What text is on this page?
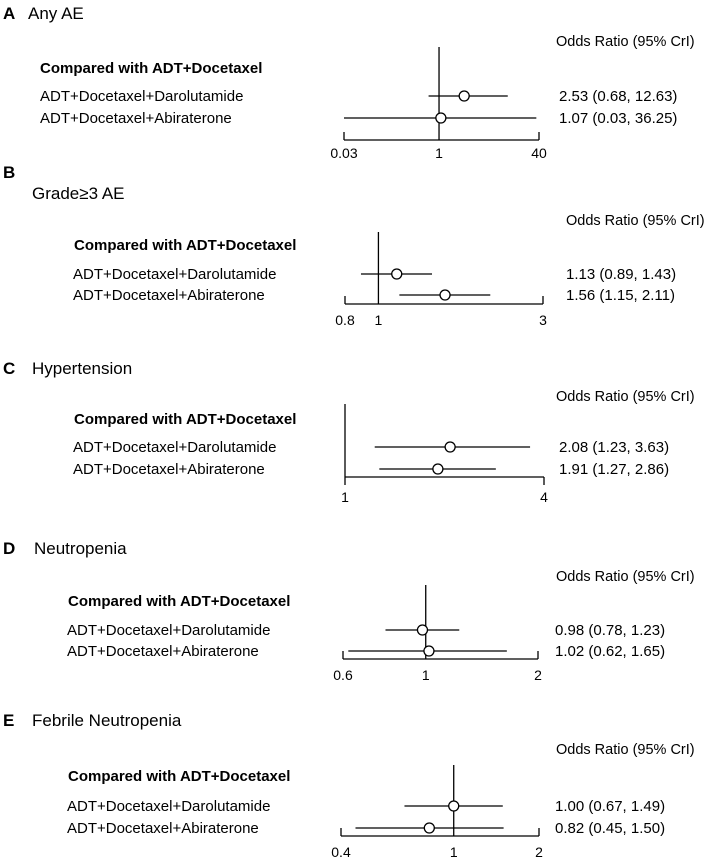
A Any AE
Odds Ratio (95% CrI)
Compared with ADT+Docetaxel
0.03	1	40
ADT+Docetaxel+Darolutamide	2.53 (0.68, 12.63)
ADT+Docetaxel+Abiraterone	1.07 (0.03, 36.25)
B
Grade≥3 AE
Odds Ratio (95% CrI)
Compared with ADT+Docetaxel
0.8 1	3
ADT+Docetaxel+Darolutamide	1.13 (0.89, 1.43)
ADT+Docetaxel+Abiraterone	1.56 (1.15, 2.11)
C Hypertension
Odds Ratio (95% CrI)
Compared with ADT+Docetaxel
1	4
ADT+Docetaxel+Darolutamide	2.08 (1.23, 3.63)
ADT+Docetaxel+Abiraterone	1.91 (1.27, 2.86)
D Neutropenia
Odds Ratio (95% CrI)
Compared with ADT+Docetaxel
0.6	1	2
ADT+Docetaxel+Darolutamide	0.98 (0.78, 1.23)
ADT+Docetaxel+Abiraterone	1.02 (0.62, 1.65)
E Febrile Neutropenia
Odds Ratio (95% CrI)
Compared with ADT+Docetaxel
0.4	1	2
ADT+Docetaxel+Darolutamide	1.00 (0.67, 1.49)
ADT+Docetaxel+Abiraterone	0.82 (0.45, 1.50)
